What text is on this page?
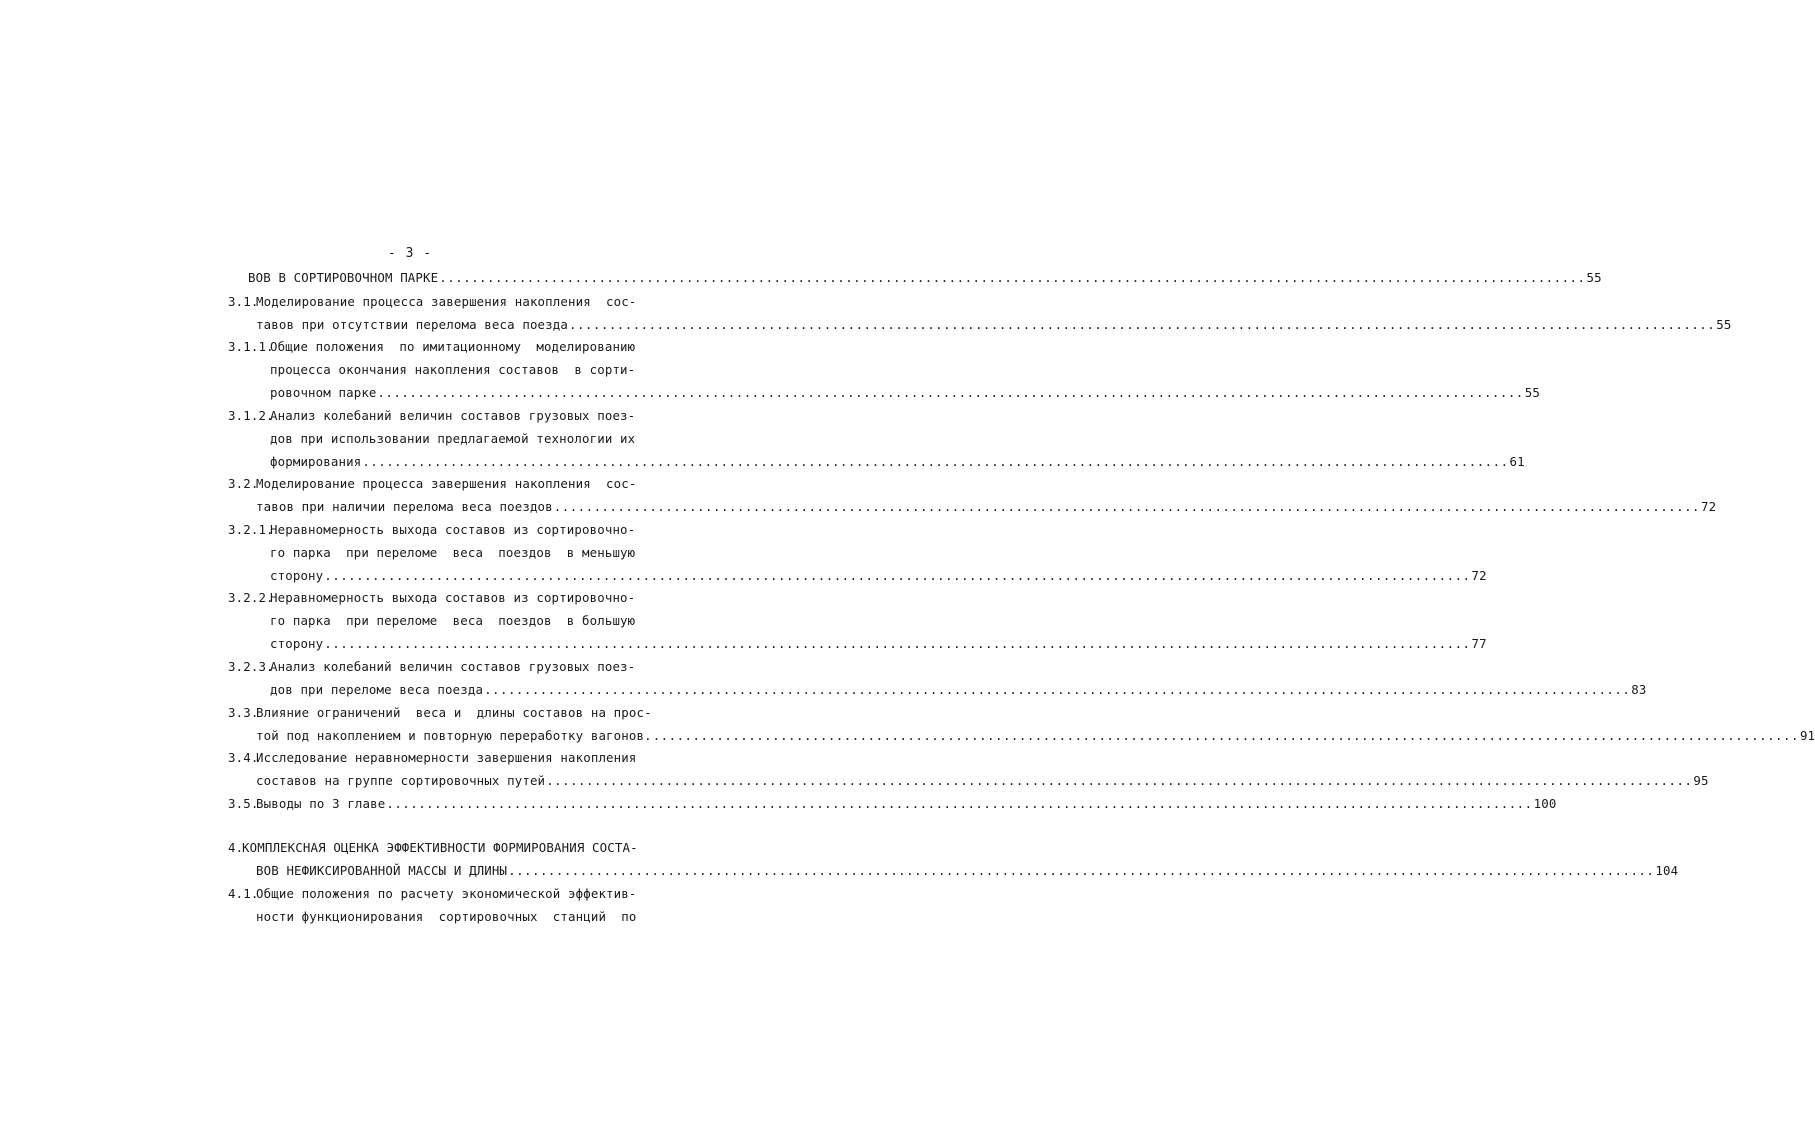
- 3 -
ВОВ В СОРТИРОВОЧНОМ ПАРКЕ .....	55
3.1.
Моделирование процесса завершения накопления  сос-
тавов при отсутствии перелома веса поезда .....	55
3.1.1.
Общие положения  по имитационному  моделированию
процесса окончания накопления составов  в сорти-
ровочном парке .....	55
3.1.2.
Анализ колебаний величин составов грузовых поез-
дов при использовании предлагаемой технологии их
формирования .....	61
3.2.
Моделирование процесса завершения накопления  сос-
тавов при наличии перелома веса поездов .....	72
3.2.1.
Неравномерность выхода составов из сортировочно-
го парка  при переломе  веса  поездов  в меньшую
сторону .....	72
3.2.2.
Неравномерность выхода составов из сортировочно-
го парка  при переломе  веса  поездов  в большую
сторону .....	77
3.2.3.
Анализ колебаний величин составов грузовых поез-
дов при переломе веса поезда .....	83
3.3.
Влияние ограничений  веса и  длины составов на прос-
той под накоплением и повторную переработку вагонов. .....	91
3.4.
Исследование неравномерности завершения накопления
составов на группе сортировочных путей .....	95
3.5.
Выводы по 3 главе .....	100
4.
КОМПЛЕКСНАЯ ОЦЕНКА ЭФФЕКТИВНОСТИ ФОРМИРОВАНИЯ СОСТА-
ВОВ НЕФИКСИРОВАННОЙ МАССЫ И ДЛИНЫ .....	104
4.1.
Общие положения по расчету экономической эффектив-
ности функционирования  сортировочных  станций  по
